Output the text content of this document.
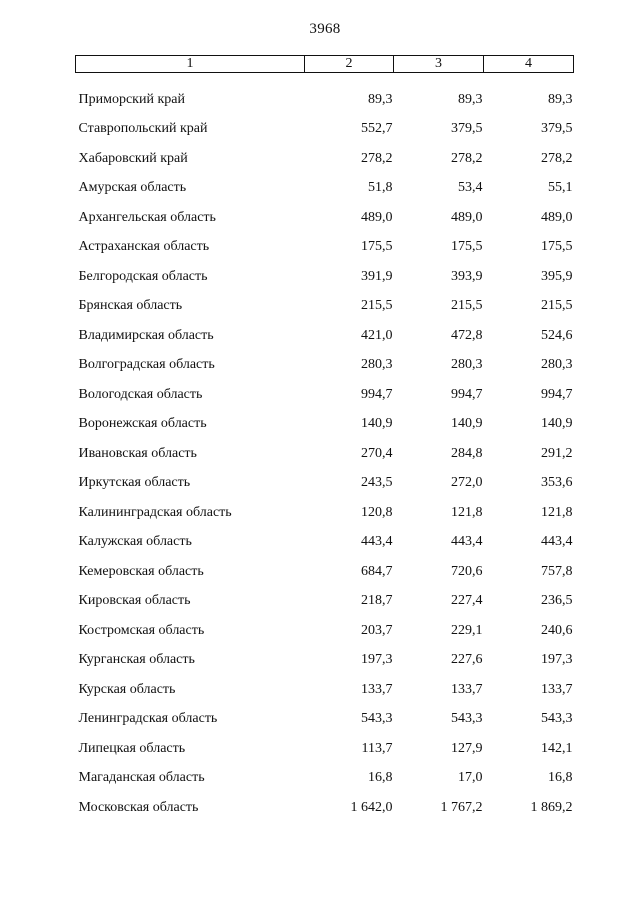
3968
1	2	3	4
Приморский край	89,3	89,3	89,3
Ставропольский край	552,7	379,5	379,5
Хабаровский край	278,2	278,2	278,2
Амурская область	51,8	53,4	55,1
Архангельская область	489,0	489,0	489,0
Астраханская область	175,5	175,5	175,5
Белгородская область	391,9	393,9	395,9
Брянская область	215,5	215,5	215,5
Владимирская область	421,0	472,8	524,6
Волгоградская область	280,3	280,3	280,3
Вологодская область	994,7	994,7	994,7
Воронежская область	140,9	140,9	140,9
Ивановская область	270,4	284,8	291,2
Иркутская область	243,5	272,0	353,6
Калининградская область	120,8	121,8	121,8
Калужская область	443,4	443,4	443,4
Кемеровская область	684,7	720,6	757,8
Кировская область	218,7	227,4	236,5
Костромская область	203,7	229,1	240,6
Курганская область	197,3	227,6	197,3
Курская область	133,7	133,7	133,7
Ленинградская область	543,3	543,3	543,3
Липецкая область	113,7	127,9	142,1
Магаданская область	16,8	17,0	16,8
Московская область	1 642,0	1 767,2	1 869,2
